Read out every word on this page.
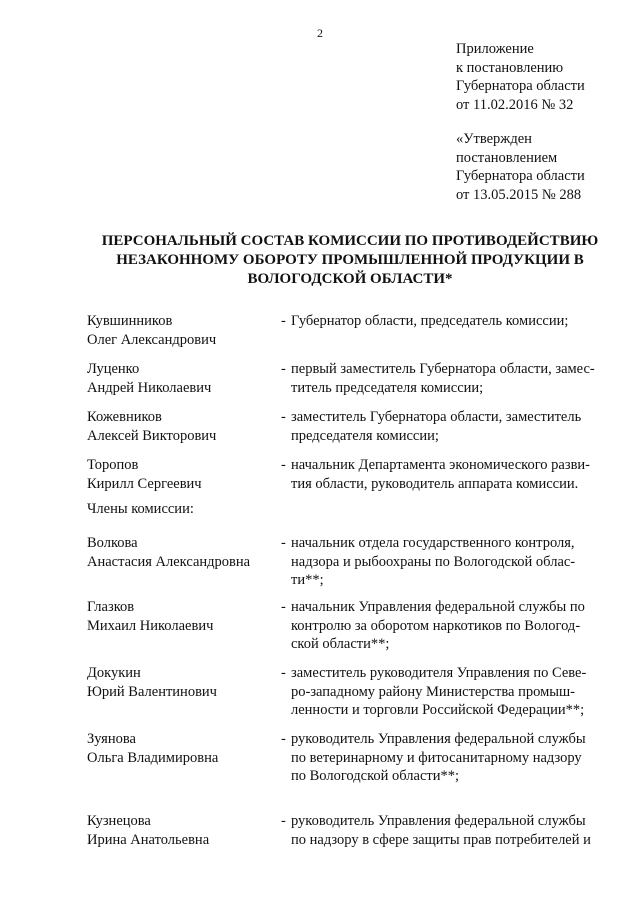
2
Приложение
к постановлению
Губернатора области
от 11.02.2016 № 32
«Утвержден
постановлением
Губернатора области
от 13.05.2015 № 288
ПЕРСОНАЛЬНЫЙ СОСТАВ КОМИССИИ ПО ПРОТИВОДЕЙСТВИЮ
НЕЗАКОННОМУ ОБОРОТУ ПРОМЫШЛЕННОЙ ПРОДУКЦИИ В
ВОЛОГОДСКОЙ ОБЛАСТИ*
Кувшинников
Олег Александрович
- Губернатор области, председатель комиссии;
Луценко
Андрей Николаевич
- первый заместитель Губернатора области, замес-
титель председателя комиссии;
Кожевников
Алексей Викторович
- заместитель Губернатора области, заместитель
председателя комиссии;
Торопов
Кирилл Сергеевич
- начальник Департамента экономического разви-
тия области, руководитель аппарата комиссии.
Члены комиссии:
Волкова
Анастасия Александровна
- начальник отдела государственного контроля,
надзора и рыбоохраны по Вологодской облас-
ти**;
Глазков
Михаил Николаевич
- начальник Управления федеральной службы по
контролю за оборотом наркотиков по Вологод-
ской области**;
Докукин
Юрий Валентинович
- заместитель руководителя Управления по Севе-
ро-западному району Министерства промыш-
ленности и торговли Российской Федерации**;
Зуянова
Ольга Владимировна
- руководитель Управления федеральной службы
по ветеринарному и фитосанитарному надзору
по Вологодской области**;
Кузнецова
Ирина Анатольевна
- руководитель Управления федеральной службы
по надзору в сфере защиты прав потребителей и
